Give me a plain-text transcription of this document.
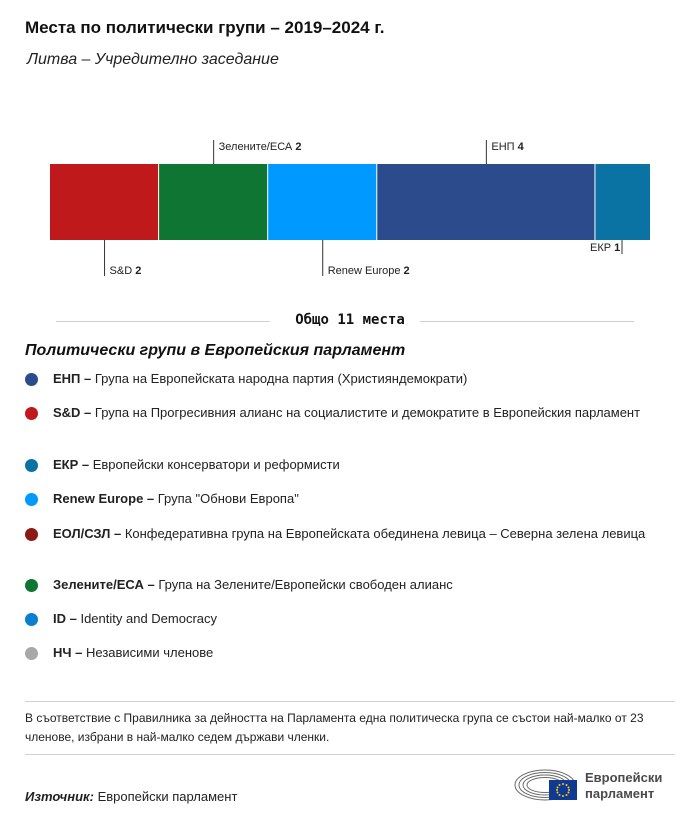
Места по политически групи – 2019–2024 г.
Литва – Учредително заседание
S&D 2
Зелените/ЕСА 2
Renew Europe 2
ЕНП 4
ЕКР 1
Общо 11 места
Политически групи в Европейския парламент
ЕНП – Група на Европейската народна партия (Християндемократи)
S&D – Група на Прогресивния алианс на социалистите и демократите в Европейския парламент
ЕКР – Европейски консерватори и реформисти
Renew Europe – Група "Обнови Европа"
ЕОЛ/СЗЛ – Конфедеративна група на Европейската обединена левица – Северна зелена левица
Зелените/ЕСА – Група на Зелените/Европейски свободен алианс
ID – Identity and Democracy
НЧ – Независими членове
В съответствие с Правилника за дейността на Парламента една политическа група се състои най-малко от 23 членове, избрани в най-малко седем държави членки.
Източник: Европейски парламент
Европейски
парламент
